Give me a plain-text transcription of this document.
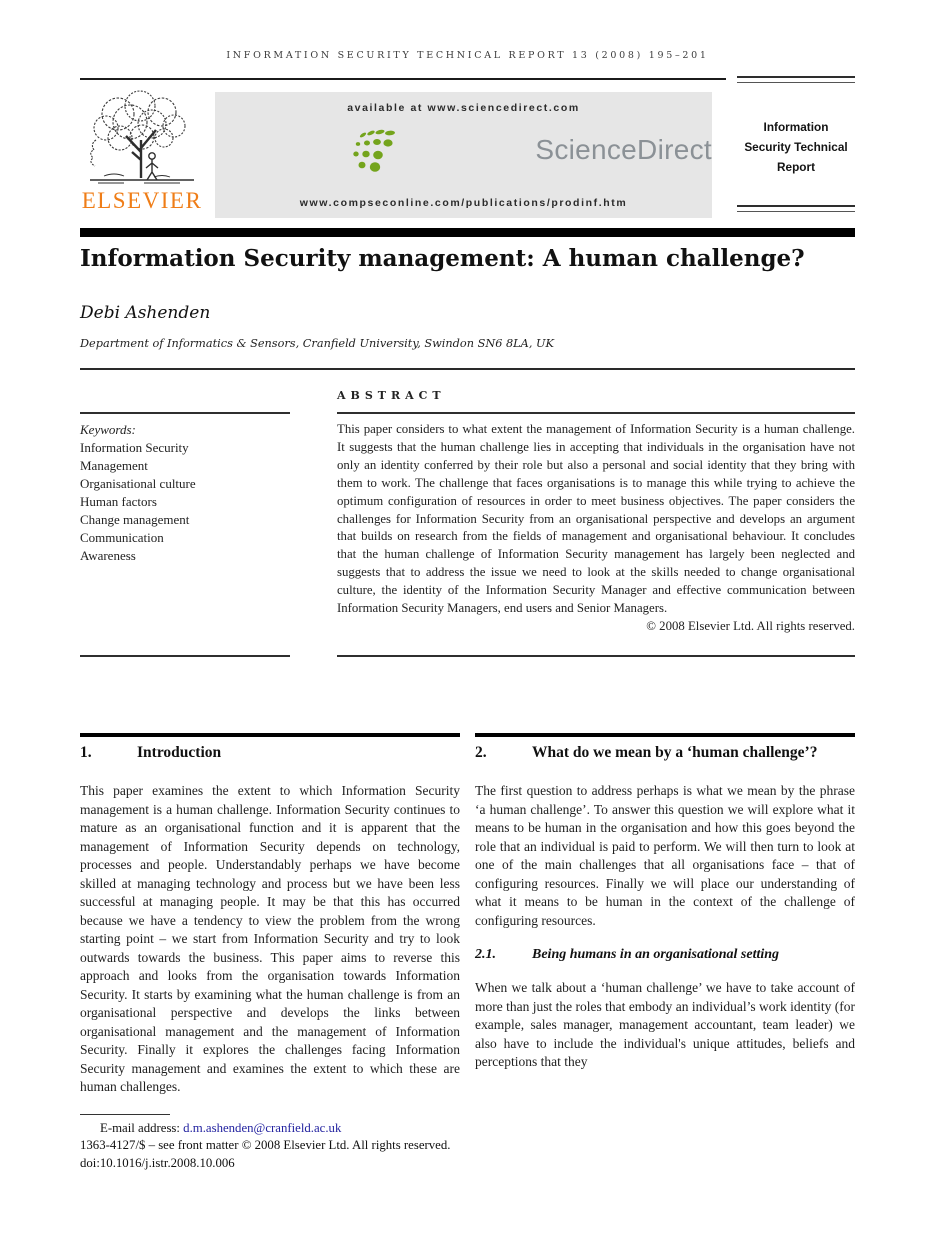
INFORMATION SECURITY TECHNICAL REPORT 13 (2008) 195–201
Information
Security Technical
Report
ELSEVIER
available at www.sciencedirect.com
ScienceDirect
www.compseconline.com/publications/prodinf.htm
Information Security management: A human challenge?
Debi Ashenden
Department of Informatics & Sensors, Cranfield University, Swindon SN6 8LA, UK
ABSTRACT
Keywords:
Information Security
Management
Organisational culture
Human factors
Change management
Communication
Awareness
This paper considers to what extent the management of Information Security is a human challenge. It suggests that the human challenge lies in accepting that individuals in the organisation have not only an identity conferred by their role but also a personal and social identity that they bring with them to work. The challenge that faces organisations is to manage this while trying to achieve the optimum configuration of resources in order to meet business objectives. The paper considers the challenges for Information Security from an organisational perspective and develops an argument that builds on research from the fields of management and organisational behaviour. It concludes that the human challenge of Information Security management has largely been neglected and suggests that to address the issue we need to look at the skills needed to change organisational culture, the identity of the Information Security Manager and effective communication between Information Security Managers, end users and Senior Managers.
© 2008 Elsevier Ltd. All rights reserved.
1.	Introduction
This paper examines the extent to which Information Security management is a human challenge. Information Security continues to mature as an organisational function and it is apparent that the management of Information Security depends on technology, processes and people. Understandably perhaps we have become skilled at managing technology and process but we have been less successful at managing people. It may be that this has occurred because we have a tendency to view the problem from the wrong starting point – we start from Information Security and try to look outwards towards the business. This paper aims to reverse this approach and looks from the organisation towards Information Security. It starts by examining what the human challenge is from an organisational perspective and develops the links between organisational management and the management of Information Security. Finally it explores the challenges facing Information Security management and examines the extent to which these are human challenges.
2.	What do we mean by a ‘human challenge’?
The first question to address perhaps is what we mean by the phrase ‘a human challenge’. To answer this question we will explore what it means to be human in the organisation and how this goes beyond the role that an individual is paid to perform. We will then turn to look at one of the main challenges that all organisations face – that of configuring resources. Finally we will place our understanding of what it means to be human in the context of the challenge of configuring resources.
2.1.	Being humans in an organisational setting
When we talk about a ‘human challenge’ we have to take account of more than just the roles that embody an individual’s work identity (for example, sales manager, management accountant, team leader) we also have to include the individual's unique attitudes, beliefs and perceptions that they
E-mail address: d.m.ashenden@cranfield.ac.uk
1363-4127/$ – see front matter © 2008 Elsevier Ltd. All rights reserved.
doi:10.1016/j.istr.2008.10.006
